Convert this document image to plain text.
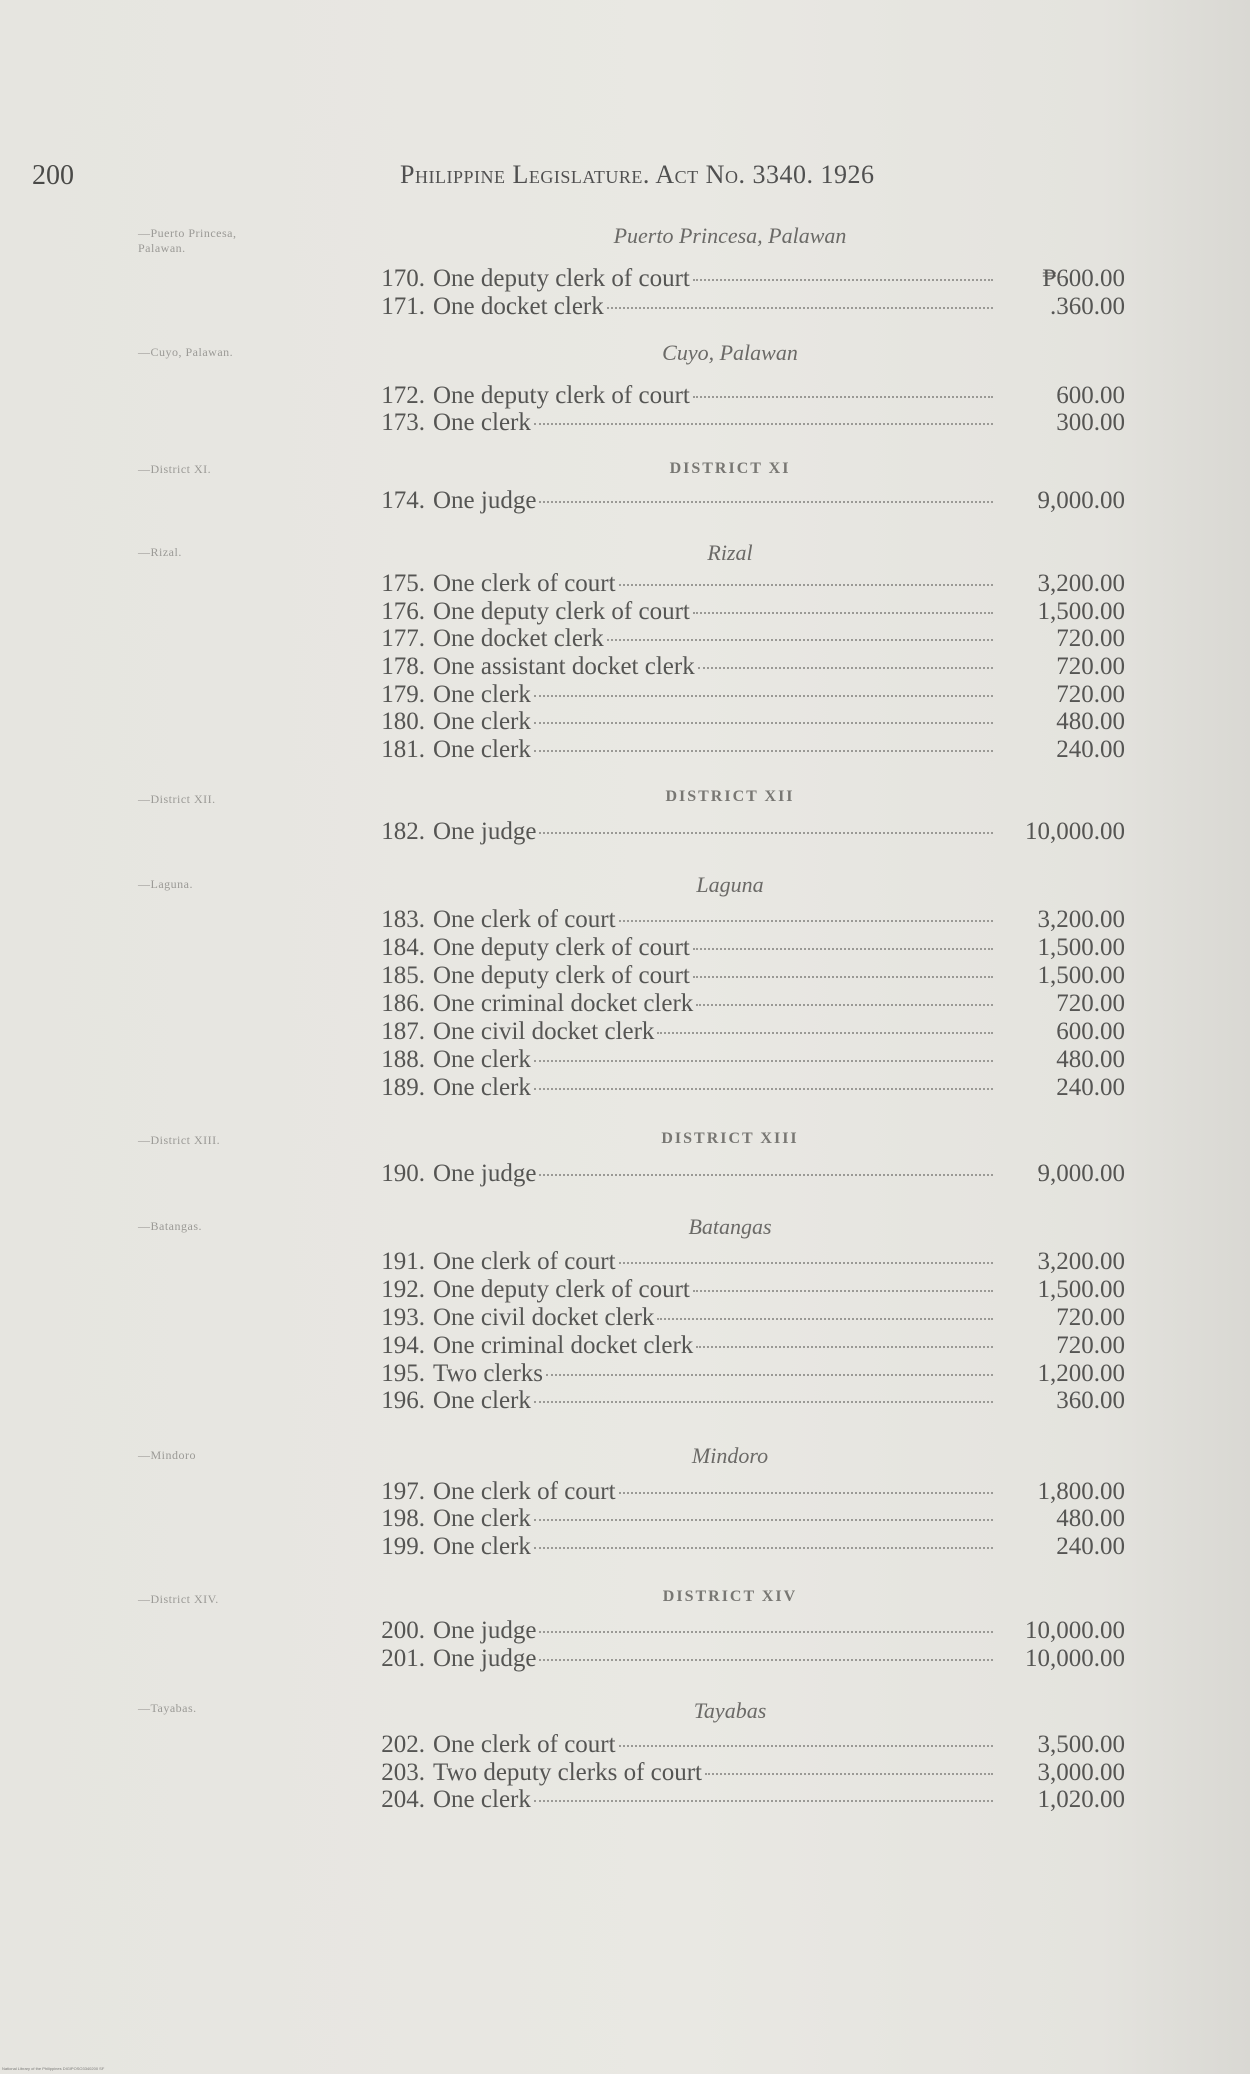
200	Philippine Legislature. Act No. 3340. 1926
—Puerto Princesa,
Palawan.	Puerto Princesa, Palawan
170. One deputy clerk of court	₱600.00
171. One docket clerk	.360.00
—Cuyo, Palawan.	Cuyo, Palawan
172. One deputy clerk of court	600.00
173. One clerk	300.00
—District XI.	DISTRICT XI
174. One judge	9,000.00
—Rizal.	Rizal
175. One clerk of court	3,200.00
176. One deputy clerk of court	1,500.00
177. One docket clerk	720.00
178. One assistant docket clerk	720.00
179. One clerk	720.00
180. One clerk	480.00
181. One clerk	240.00
—District XII.	DISTRICT XII
182. One judge	10,000.00
—Laguna.	Laguna
183. One clerk of court	3,200.00
184. One deputy clerk of court	1,500.00
185. One deputy clerk of court	1,500.00
186. One criminal docket clerk	720.00
187. One civil docket clerk	600.00
188. One clerk	480.00
189. One clerk	240.00
—District XIII.	DISTRICT XIII
190. One judge	9,000.00
—Batangas.	Batangas
191. One clerk of court	3,200.00
192. One deputy clerk of court	1,500.00
193. One civil docket clerk	720.00
194. One criminal docket clerk	720.00
195. Two clerks	1,200.00
196. One clerk	360.00
—Mindoro	Mindoro
197. One clerk of court	1,800.00
198. One clerk	480.00
199. One clerk	240.00
—District XIV.	DISTRICT XIV
200. One judge	10,000.00
201. One judge	10,000.00
—Tayabas.	Tayabas
202. One clerk of court	3,500.00
203. Two deputy clerks of court	3,000.00
204. One clerk	1,020.00
National Library of the Philippines DIGIPOSO3340200 SF
